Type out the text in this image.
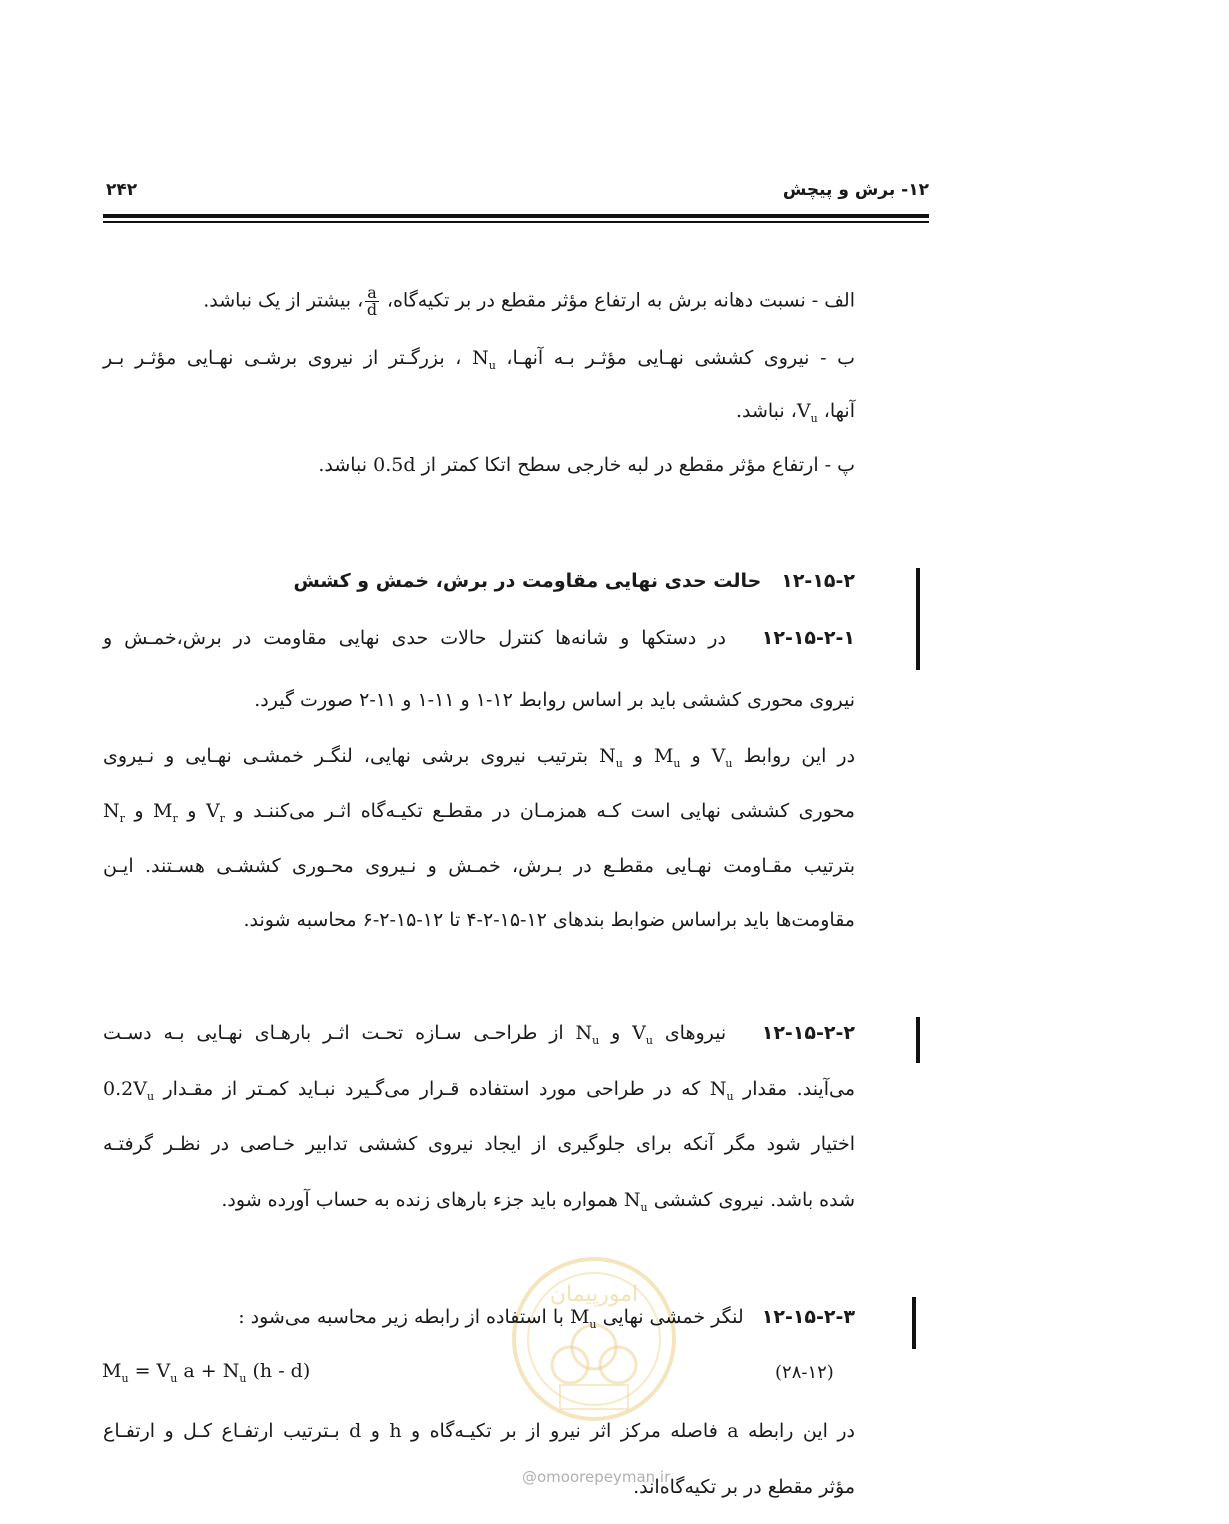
۱۲- برش و پیچش
۲۴۲
الف - نسبت دهانه برش به ارتفاع مؤثر مقطع در بر تکیه‌گاه،
$\frac{a}{d}$
، بیشتر از یک نباشد.
ب - نیروی کششی نهـایی مؤثـر بـه آنهـا، $N_u$ ، بزرگـتر از نیروی برشـی نهـایی مؤثـر بـر
آنها، $V_u،$ نباشد.
پ - ارتفاع مؤثر مقطع در لبه خارجی سطح اتکا کمتر از 0.5d نباشد.
۱۲-۱۵-۲   حالت حدی نهایی مقاومت در برش، خمش و کشش
۱۲-۱۵-۲-۱   در دستکها و شانه‌ها کنترل حالات حدی نهایی مقاومت در برش،خمـش و
نیروی محوری کششی باید بر اساس روابط ۱۲-۱ و ۱۱-۱ و ۱۱-۲ صورت گیرد.
در این روابط $V_u$ و $M_u$ و $N_u$ بترتیب نیروی برشی نهایی، لنگـر خمشـی نهـایی و نـیروی
محوری کششی نهایی است کـه همزمـان در مقطـع تکیـه‌گاه اثـر می‌کننـد و $V_r$ و $M_r$ و $N_r$
بترتیب مقـاومت نهـایی مقطـع در بـرش، خمـش و نـیروی محـوری کششـی هسـتند. ایـن
مقاومت‌ها باید براساس ضوابط بندهای ۱۲-۱۵-۲-۴ تا ۱۲-۱۵-۲-۶ محاسبه شوند.
۱۲-۱۵-۲-۲   نیروهای $V_u$ و $N_u$ از طراحـی سـازه تحـت اثـر بارهـای نهـایی بـه دسـت
می‌آیند. مقدار $N_u$ که در طراحی مورد استفاده قـرار می‌گـیرد نبـاید کمـتر از مقـدار $0.2V_u$
اختیار شود مگر آنکه برای جلوگیری از ایجاد نیروی کششی تدابیر خـاصی در نظـر گرفتـه
شده باشد. نیروی کششی $N_u$ همواره باید جزء بارهای زنده به حساب آورده شود.
امورپیمان
@omoorepeyman.ir
۱۲-۱۵-۲-۳   لنگر خمشی نهایی $M_u$ با استفاده از رابطه زیر محاسبه می‌شود :
$M_u = V_u$ $a + N_u$ (h - d)	(۲۸-۱۲)
در این رابطه a فاصله مرکز اثر نیرو از بر تکیـه‌گاه و h و d بـترتیب ارتفـاع کـل و ارتفـاع
مؤثر مقطع در بر تکیه‌گاه‌اند.
